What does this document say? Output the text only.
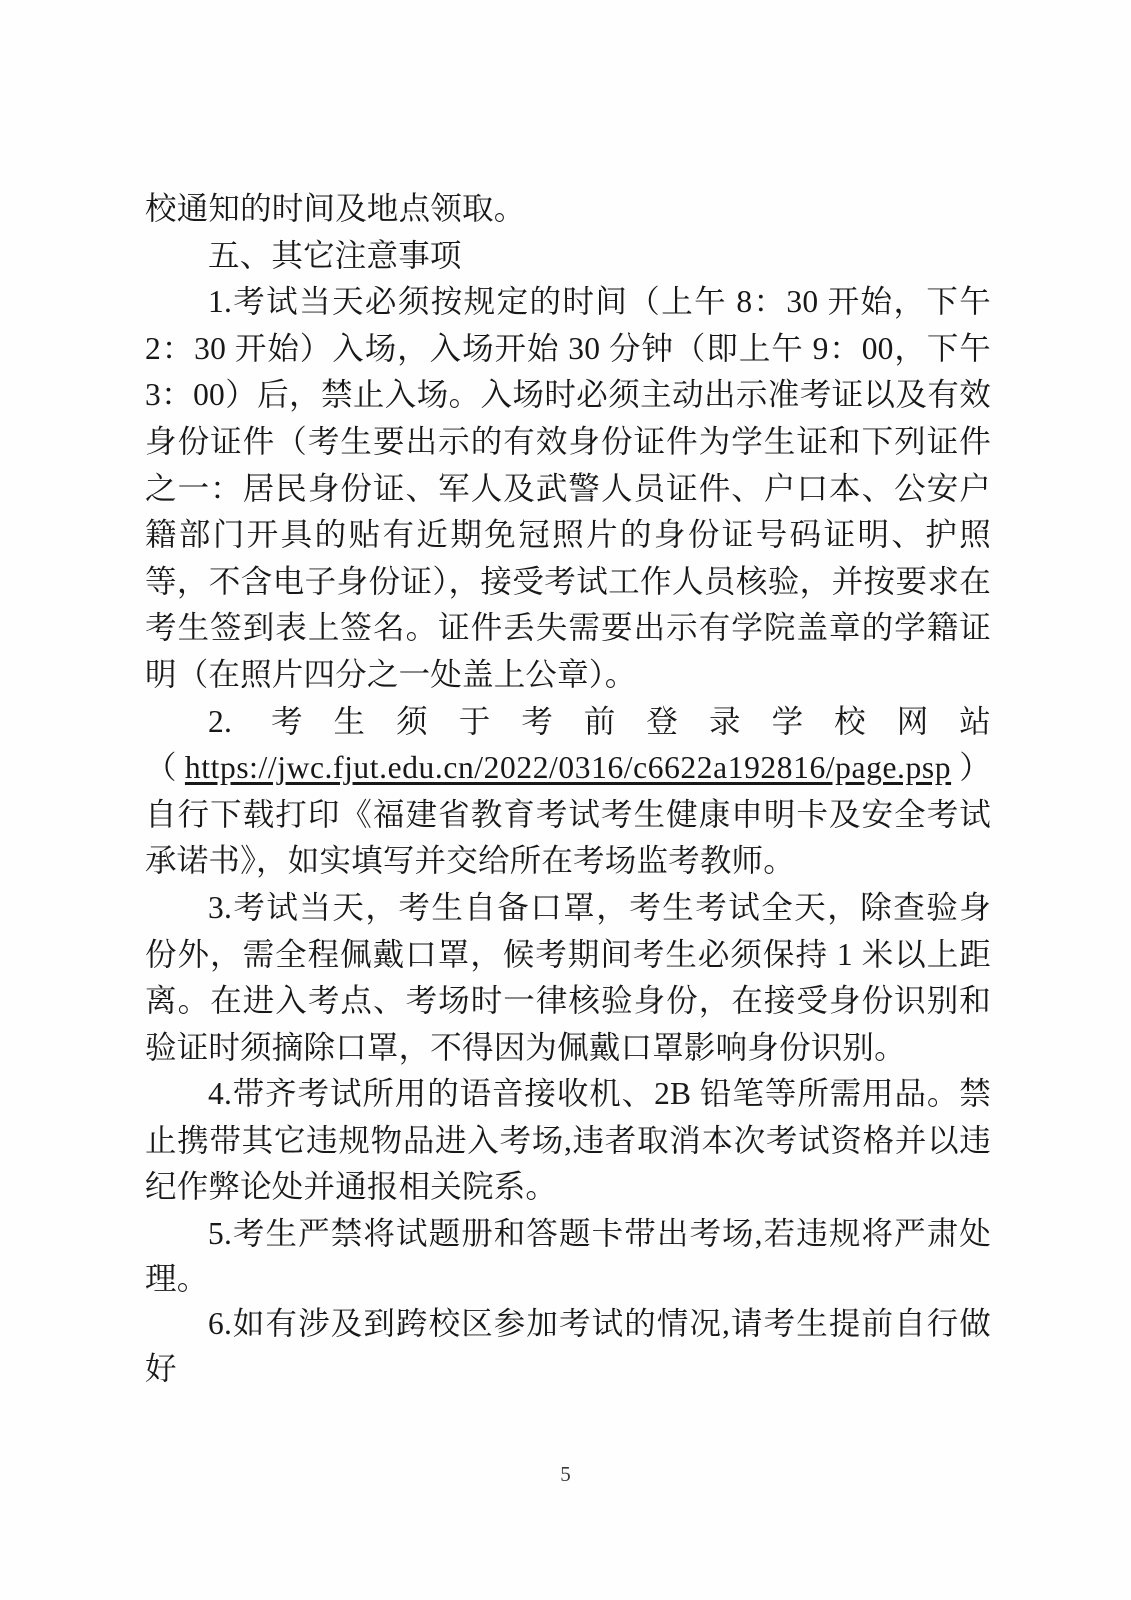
校通知的时间及地点领取。

五、其它注意事项

1.考试当天必须按规定的时间（上午 8：30 开始，下午 2：30 开始）入场，入场开始 30 分钟（即上午 9：00，下午 3：00）后，禁止入场。入场时必须主动出示准考证以及有效身份证件（考生要出示的有效身份证件为学生证和下列证件之一：居民身份证、军人及武警人员证件、户口本、公安户籍部门开具的贴有近期免冠照片的身份证号码证明、护照等，不含电子身份证），接受考试工作人员核验，并按要求在考生签到表上签名。证件丢失需要出示有学院盖章的学籍证明（在照片四分之一处盖上公章）。

2. 考生须于考前登录学校网站
（https://jwc.fjut.edu.cn/2022/0316/c6622a192816/page.psp）自行下载打印《福建省教育考试考生健康申明卡及安全考试承诺书》，如实填写并交给所在考场监考教师。

3.考试当天，考生自备口罩，考生考试全天，除查验身份外，需全程佩戴口罩，候考期间考生必须保持 1 米以上距离。在进入考点、考场时一律核验身份，在接受身份识别和验证时须摘除口罩，不得因为佩戴口罩影响身份识别。

4.带齐考试所用的语音接收机、2B 铅笔等所需用品。禁止携带其它违规物品进入考场,违者取消本次考试资格并以违纪作弊论处并通报相关院系。

5.考生严禁将试题册和答题卡带出考场,若违规将严肃处理。

6.如有涉及到跨校区参加考试的情况,请考生提前自行做好

5
